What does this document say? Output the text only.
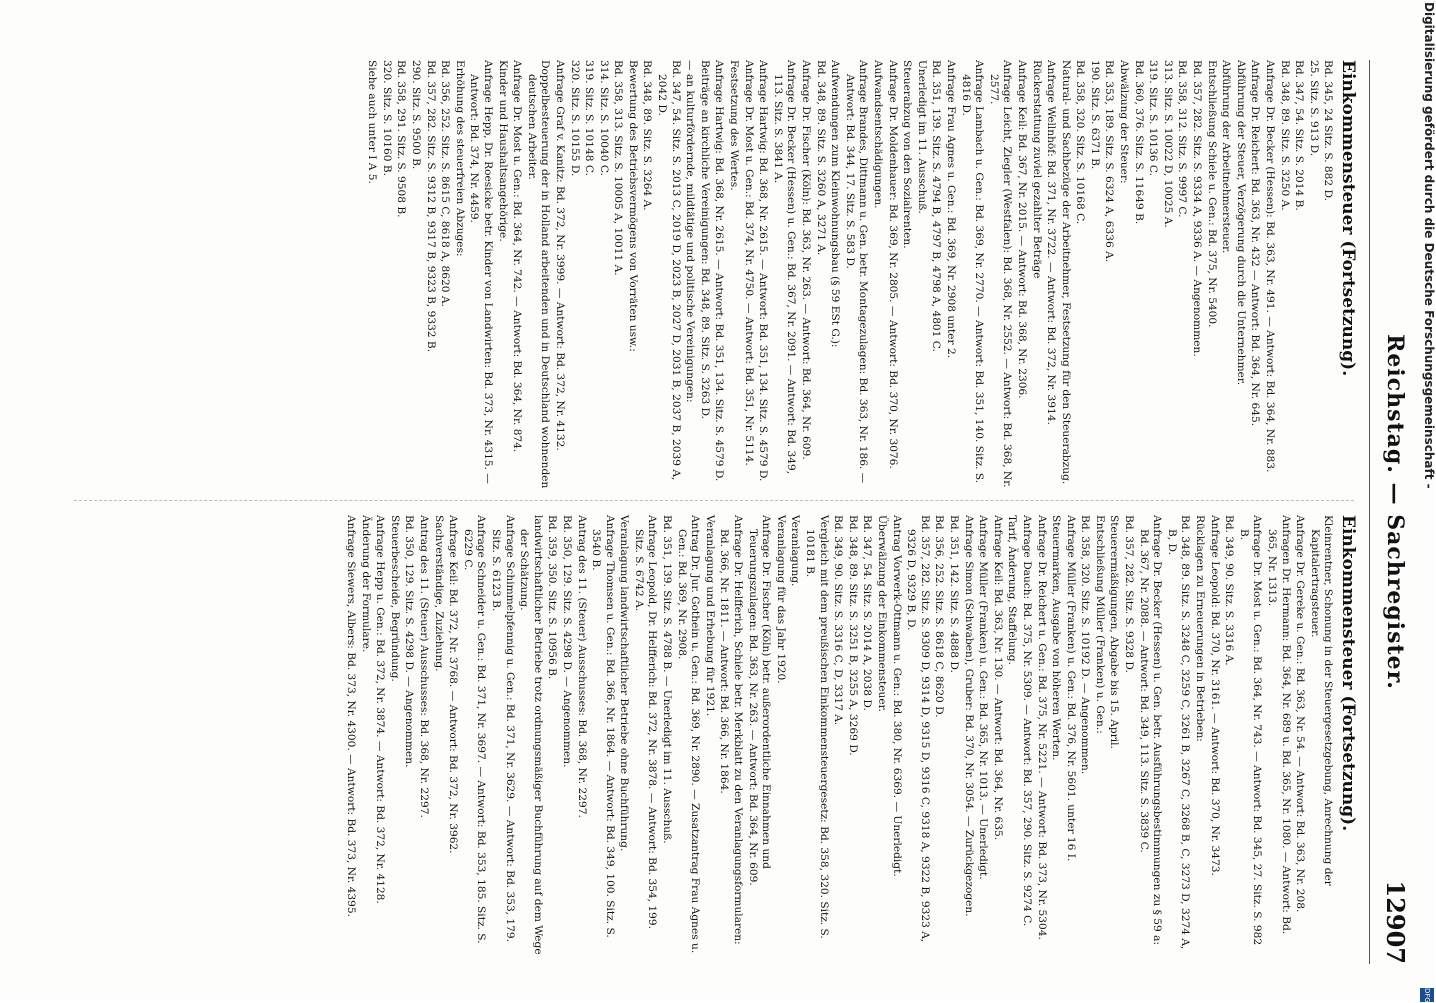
Reichstag. — Sachregister.
12907
Einkommensteuer (Fortsetzung).
Bd. 345, 24 Sitz. S. 882 D.
25. Sitz. S. 913 D.
Bd. 347, 54. Sitz. S. 2014 B.
Bd. 348, 89. Sitz. S. 3250 A.
Anfrage Dr. Becker (Hessen): Bd. 363, Nr. 491. — Antwort: Bd. 364, Nr. 883.
Anfrage Dr. Reichert: Bd. 363, Nr. 432 — Antwort: Bd. 364, Nr. 645.
Abführung der Steuer, Verzögerung durch die Unternehmer.
Abführung der Arbeitnehmersteuer.
Entschließung Schiele u. Gen.: Bd. 375, Nr. 5400.
Bd. 357, 282. Sitz. S. 9334 A, 9336 A. — Angenommen.
Bd. 358, 312. Sitz. S. 9997 C.
313. Sitz. S. 10022 D, 10025 A.
319. Sitz. S. 10136 C.
Bd. 360, 376. Sitz. S. 11649 B.
Abwälzung der Steuer:
Bd. 353, 189. Sitz. S. 6324 A, 6336 A.
190. Sitz. S. 6371 B.
Bd. 358, 320. Sitz. S. 10168 C.
Natural- und Sachbezüge der Arbeitnehmer, Festsetzung für den Steuerabzug.
Anfrage Wellnhöf: Bd. 371, Nr. 3722. — Antwort: Bd. 372, Nr. 3914.
Rückerstattung zuviel gezahlter Beträge
Anfrage Keil: Bd. 367, Nr. 2015. — Antwort: Bd. 368, Nr. 2306.
Anfrage Leicht, Ziegler (Westfalen): Bd. 368, Nr. 2552. — Antwort: Bd. 368, Nr. 2577.
Anfrage Lambach u. Gen.: Bd. 369, Nr. 2770. — Antwort: Bd. 351, 140. Sitz. S. 4816 D.
Anfrage Frau Agnes u. Gen.: Bd. 369, Nr. 2908 unter 2.
Bd. 351, 139. Sitz. S. 4794 B, 4797 B, 4798 A, 4801 C.
Unerledigt im 11. Ausschuß.
Steuerabzug von den Sozialrenten.
Anfrage Dr. Moldenhauer: Bd. 369, Nr. 2805. — Antwort: Bd. 370, Nr. 3076.
Aufwandsentschädigungen.
Anfrage Brandes, Dittmann u. Gen. betr. Montagezulagen: Bd. 363, Nr. 186. — Antwort: Bd. 344, 17. Sitz. S. 583 D.
Aufwendungen zum Kleinwohnungsbau (§ 59 ESt G.):
Bd. 348, 89. Sitz. S. 3260 A, 3271 A.
Anfrage Dr. Fischer (Köln): Bd. 363, Nr. 263. — Antwort: Bd. 364, Nr. 609.
Anfrage Dr. Becker (Hessen) u. Gen.: Bd. 367, Nr. 2091. — Antwort: Bd. 349, 113. Sitz. S. 3841 A.
Anfrage Hartwig: Bd. 368, Nr. 2615. — Antwort: Bd. 351, 134. Sitz. S. 4579 D.
Anfrage Dr. Most u. Gen.: Bd. 374, Nr. 4750. — Antwort: Bd. 351, Nr. 5114.
Festsetzung des Wertes.
Anfrage Hartwig: Bd. 368, Nr. 2615. — Antwort: Bd. 351, 134. Sitz. S. 4579 D.
Beiträge an kirchliche Vereinigungen: Bd. 348, 89. Sitz. S. 3263 D.
— an kulturfördernde, mildtätige und politische Vereinigungen:
Bd. 347, 54. Sitz. S. 2013 C, 2019 D, 2023 B, 2027 D, 2031 B, 2037 B, 2039 A, 2042 D.
Bd. 348, 89. Sitz. S. 3264 A.
Bewertung des Betriebsvermögens von Vorräten usw.:
Bd. 358, 313. Sitz. S. 10005 A, 10011 A.
314. Sitz. S. 10040 C.
319. Sitz. S. 10148 C.
320. Sitz. S. 10155 D.
Anfrage Graf v. Kanitz: Bd. 372, Nr. 3999. — Antwort: Bd. 372, Nr. 4132.
Doppelbesteuerung der in Holland arbeitenden und in Deutschland wohnenden deutschen Arbeiter.
Anfrage Dr. Most u. Gen.: Bd. 364, Nr. 742. — Antwort: Bd. 364, Nr. 874.
Kinder und Haushaltsangehörige.
Anfrage Hepp, Dr. Roesicke betr. Kinder von Landwirten: Bd. 373, Nr. 4315. — Antwort: Bd. 374, Nr. 4459.
Erhöhung des steuerfreien Abzuges:
Bd. 356, 252. Sitz. S. 8615 C, 8618 A, 8620 A.
Bd. 357, 282. Sitz. S. 9312 B, 9317 B, 9323 B, 9332 B.
290. Sitz. S. 9500 B.
Bd. 358, 291. Sitz. S. 9508 B.
320. Sitz. S. 10160 B.
Siehe auch unter I A 5.
Einkommensteuer (Fortsetzung).
Kleinrentner, Schonung in der Steuergesetzgebung, Anrechnung der Kapitalertragsteuer.
Anfrage Dr. Gereke u. Gen.: Bd. 363, Nr. 54. — Antwort: Bd. 363, Nr. 208.
Anfragen Dr. Hermann: Bd. 364, Nr. 689 u. Bd. 365, Nr. 1080. — Antwort: Bd. 365, Nr. 1313.
Anfrage Dr. Most u. Gen.: Bd. 364, Nr. 743. — Antwort: Bd. 345, 27. Sitz. S. 982 B.
Bd. 349, 90. Sitz. S. 3316 A.
Anfrage Leopold: Bd. 370, Nr. 3161. — Antwort: Bd. 370, Nr. 3473.
Rücklagen zu Erneuerungen in Betrieben:
Bd. 348, 89. Sitz. S. 3248 C, 3259 C, 3261 B, 3267 C, 3268 B, C, 3273 D, 3274 A, B, D.
Anfrage Dr. Becker (Hessen) u. Gen. betr. Ausführungsbestimmungen zu § 59 a: Bd. 367, Nr. 2088. — Antwort: Bd. 349, 113. Sitz. S. 3839 C.
Bd. 357, 282. Sitz. S. 9328 D.
Steuerermäßigungen, Abgabe bis 15. April.
Entschließung Müller (Franken) u. Gen.:
Bd. 358, 320. Sitz. S. 10192 D. — Angenommen.
Anfrage Müller (Franken) u. Gen.: Bd. 376, Nr. 5601. unter 16 I.
Steuermarken, Ausgabe von höheren Werten.
Anfrage Dr. Reichert u. Gen.: Bd. 375, Nr. 5221. — Antwort: Bd. 373, Nr. 5304.
Anfrage Dauch: Bd. 375, Nr. 5309. — Antwort: Bd. 357, 290. Sitz. S. 9274 C.
Tarif, Änderung, Staffelung.
Anfrage Keil: Bd. 363, Nr. 130. — Antwort: Bd. 364, Nr. 635.
Anfrage Müller (Franken) u. Gen.: Bd. 365, Nr. 1013. — Unerledigt.
Anfrage Simon (Schwaben), Gruber: Bd. 370, Nr. 3054. — Zurückgezogen.
Bd. 351, 142. Sitz. S. 4888 D.
Bd. 356, 252. Sitz. S. 8618 C, 8620 D.
Bd. 357, 282. Sitz. S. 9309 D, 9314 D, 9315 D, 9316 C, 9318 A, 9322 B, 9323 A, 9326 D, 9329 B, D.
Antrag Vorwerk-Ottmann u. Gen.: Bd. 380, Nr. 6369. — Unerledigt.
Überwälzung der Einkommensteuer.
Bd. 347, 54. Sitz. S. 2014 A, 2038 D.
Bd. 348, 89. Sitz. S. 3251 B, 3255 A, 3269 D.
Bd. 349, 90. Sitz. S. 3316 C, D, 3317 A.
Vergleich mit dem preußischen Einkommensteuergesetz: Bd. 358, 320. Sitz. S. 10181 B.
Veranlagung.
Veranlagung für das Jahr 1920.
Anfrage Dr. Fischer (Köln) betr. außerordentliche Einnahmen und Teuerungszulagen: Bd. 363, Nr. 263. — Antwort: Bd. 364, Nr. 609.
Anfrage Dr. Helfferich, Schiele betr. Merkblatt zu den Veranlagungsformularen: Bd. 366, Nr. 1811. — Antwort: Bd. 366, Nr. 1864.
Veranlagung und Erhebung für 1921.
Antrag Dr. Jur. Gothein u. Gen.: Bd. 369, Nr. 2890. — Zusatzantrag Frau Agnes u. Gen.: Bd. 369, Nr. 2908.
Bd. 351, 139. Sitz. S. 4788 B. — Unerledigt im 11. Ausschuß.
Anfrage Leopold, Dr. Helfferich: Bd. 372, Nr. 3878. — Antwort: Bd. 354, 199. Sitz. S. 6742 A.
Veranlagung landwirtschaftlicher Betriebe ohne Buchführung.
Anfrage Thomsen u. Gen.: Bd. 366, Nr. 1864. — Antwort: Bd. 349, 100. Sitz. S. 3540 B.
Antrag des 11. (Steuer) Ausschusses: Bd. 368, Nr. 2297.
Bd. 350, 129. Sitz. S. 4298 D. — Angenommen.
Bd. 359, 350. Sitz. S. 10956 B.
landwirtschaftlicher Betriebe trotz ordnungsmäßiger Buchführung auf dem Wege der Schätzung.
Anfrage Schimmelpfennig u. Gen.: Bd. 371, Nr. 3629. — Antwort: Bd. 353, 179. Sitz. S. 6123 B.
Anfrage Schneider u. Gen.: Bd. 371, Nr. 3697. — Antwort: Bd. 353, 185. Sitz. S. 6229 C.
Anfrage Keil: Bd. 372, Nr. 3768. — Antwort: Bd. 372, Nr. 3962.
Sachverständige, Zuziehung.
Antrag des 11. (Steuer) Ausschusses: Bd. 368, Nr. 2297.
Bd. 350, 129. Sitz. S. 4298 D. — Angenommen.
Steuerbescheide, Begründung.
Anfrage Hepp u. Gen.: Bd. 372, Nr. 3874. — Antwort: Bd. 372, Nr. 4128.
Änderung der Formulare.
Anfrage Siewers, Albers: Bd. 373, Nr. 4300. — Antwort: Bd. 373, Nr. 4395.
Digitalisierung gefördert durch die Deutsche Forschungsgemeinschaft -
DFG
